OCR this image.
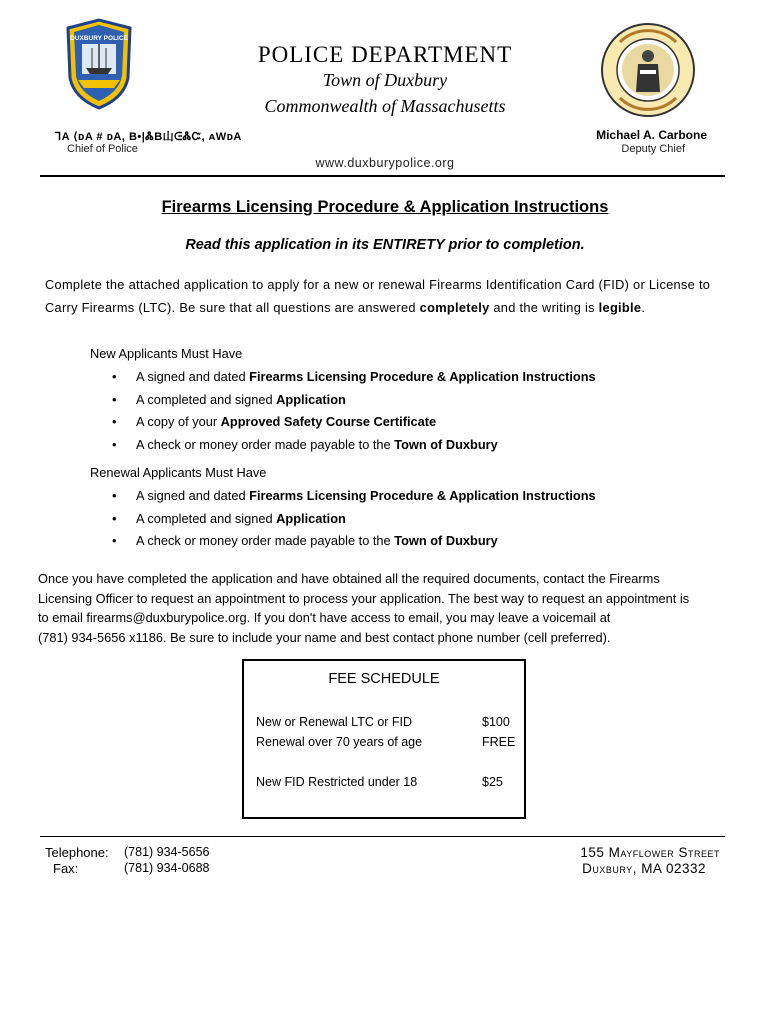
DUXBURY POLICE
POLICE DEPARTMENT
Town of Duxbury
Commonwealth of Massachusetts
ꞀA ⟨ᴅA # ᴅA, B•|ᏜB山ᕮᏜᏨ, ᴀWᴅA
Chief of Police
Michael A. Carbone
Deputy Chief
www.duxburypolice.org
Firearms Licensing Procedure & Application Instructions
Read this application in its ENTIRETY prior to completion.
Complete the attached application to apply for a new or renewal Firearms Identification Card (FID) or License to Carry Firearms (LTC). Be sure that all questions are answered completely and the writing is legible.
New Applicants Must Have
• A signed and dated Firearms Licensing Procedure & Application Instructions
• A completed and signed Application
• A copy of your Approved Safety Course Certificate
• A check or money order made payable to the Town of Duxbury
Renewal Applicants Must Have
• A signed and dated Firearms Licensing Procedure & Application Instructions
• A completed and signed Application
• A check or money order made payable to the Town of Duxbury
Once you have completed the application and have obtained all the required documents, contact the Firearms
Licensing Officer to request an appointment to process your application. The best way to request an appointment is
to email firearms@duxburypolice.org. If you don't have access to email, you may leave a voicemail at
(781) 934-5656 x1186. Be sure to include your name and best contact phone number (cell preferred).
FEE SCHEDULE
New or Renewal LTC or FID	$100
Renewal over 70 years of age	FREE
New FID Restricted under 18	$25
Telephone: (781) 934-5656
Fax:	(781) 934-0688
155 Mayflower Street
Duxbury, MA 02332
